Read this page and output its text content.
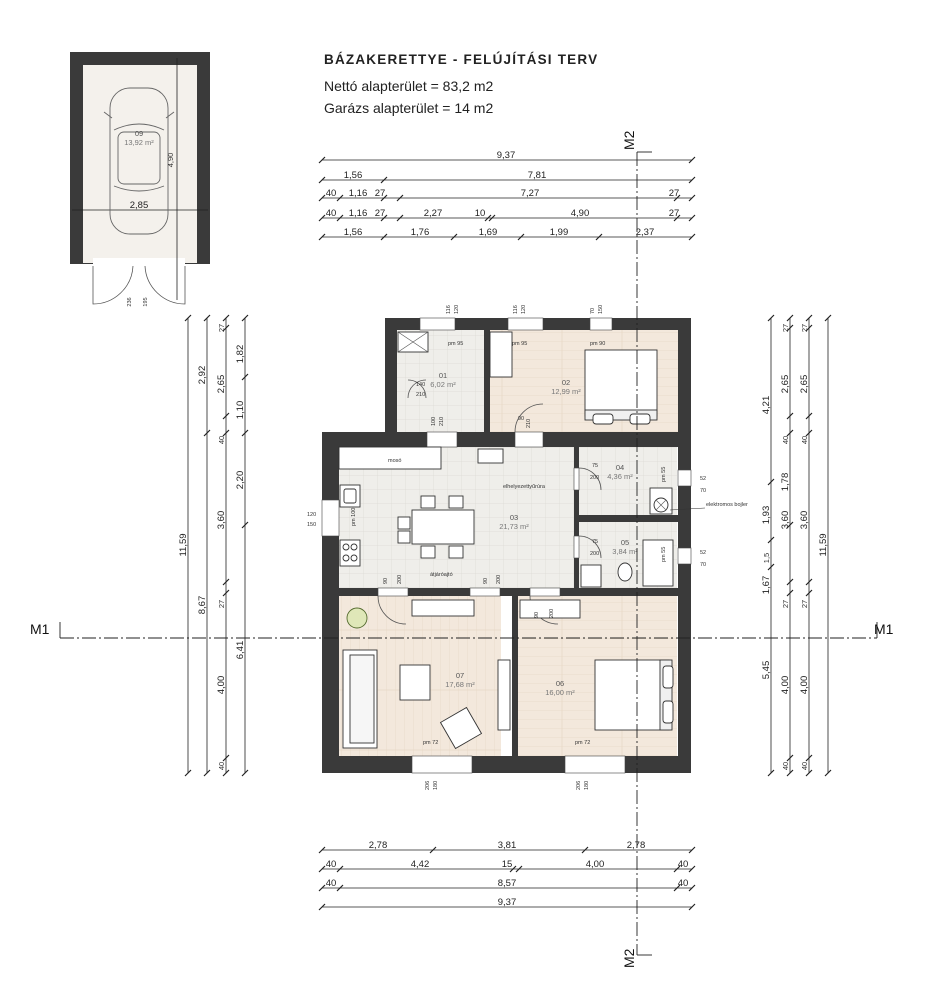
BÁZAKERETTYE - FELÚJÍTÁSI TERV
Nettó alapterület = 83,2 m2
Garázs alapterület = 14 m2
09
13,92 m²
2,85
4,90
236 195
9,37
1,56	7,81
40 1,16 27	7,27	27
40 1,16 27	2,27	10	4,90	27
1,56	1,76	1,69	1,99	2,37
2,78	3,81	2,78
40	4,42	15	4,00	40
40	8,57	40
9,37
11,59
2,92
8,67
27
2,65
40
3,60
27
4,00
40
1,82
1,10
2,20
6,41
4,21
1,93
1,5
1,67
5,45
27
2,65
40
1,78
3,60
27
4,00
40
27
2,65
40
3,60
27
4,00
40
11,59
01
6,02 m²	02
12,99 m²
03
21,73 m²
04
4,36 m²
05
3,84 m²
06
16,00 m²
07
17,68 m²
116 120	116 120	70 150
140
210
100 210	90 210
120
150
52
70
52
70
75
200
75
200
90 200	90 200
90 200
206 180	206 180
pm 95	pm 95	pm 90
pm 100
pm 72	pm 72
pm 55
pm 55
mosó
elhelyezettyűrúra
elektromos bojler
átjáróajtó
M1	M1
M2
M2
